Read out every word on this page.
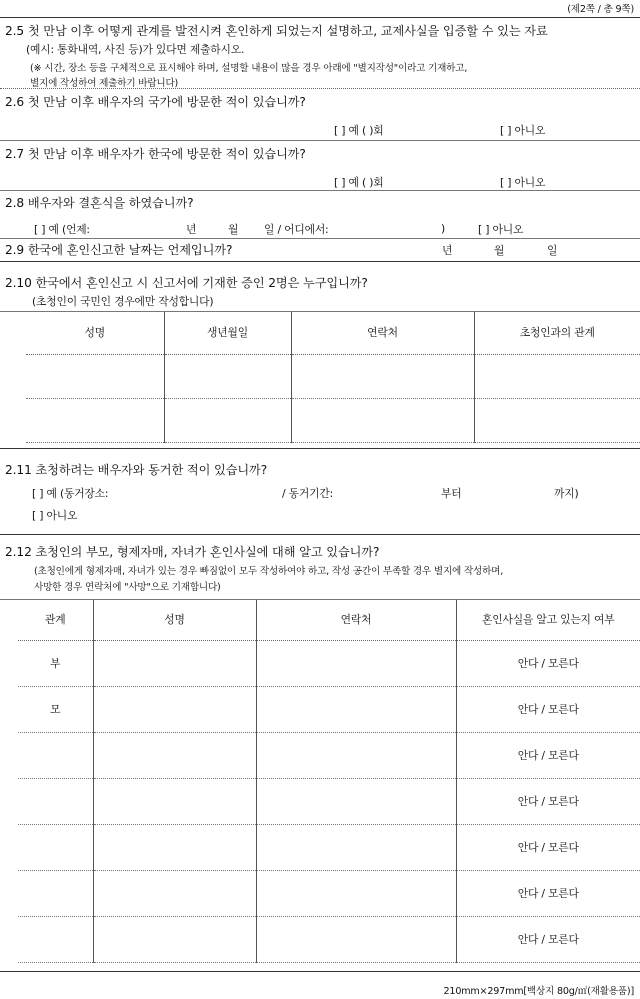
(제2쪽 / 총 9쪽)
2.5 첫 만남 이후 어떻게 관계를 발전시켜 혼인하게 되었는지 설명하고, 교제사실을 입증할 수 있는 자료
(예시: 통화내역, 사진 등)가 있다면 제출하시오.
(※ 시간, 장소 등을 구체적으로 표시해야 하며, 설명할 내용이 많을 경우 아래에 "별지작성"이라고 기재하고,
별지에 작성하여 제출하기 바랍니다)
2.6 첫 만남 이후 배우자의 국가에 방문한 적이 있습니까?
[ ] 예 ( )회	[ ] 아니오
2.7 첫 만남 이후 배우자가 한국에 방문한 적이 있습니까?
[ ] 예 ( )회	[ ] 아니오
2.8 배우자와 결혼식을 하였습니까?
[ ] 예 (언제:	년	월 일 / 어디에서:	)	[ ] 아니오
2.9 한국에 혼인신고한 날짜는 언제입니까?	년	월	일
2.10 한국에서 혼인신고 시 신고서에 기재한 증인 2명은 누구입니까?
(초청인이 국민인 경우에만 작성합니다)
성명	생년월일	연락처	초청인과의 관계

2.11 초청하려는 배우자와 동거한 적이 있습니까?
[ ] 예 (동거장소:	/ 동거기간:	부터	까지)
[ ] 아니오
2.12 초청인의 부모, 형제자매, 자녀가 혼인사실에 대해 알고 있습니까?
(초청인에게 형제자매, 자녀가 있는 경우 빠짐없이 모두 작성하여야 하고, 작성 공간이 부족할 경우 별지에 작성하며,
사망한 경우 연락처에 "사망"으로 기재합니다)
관계	성명	연락처	혼인사실을 알고 있는지 여부
부			안다 / 모른다
모			안다 / 모른다
			안다 / 모른다
			안다 / 모른다
			안다 / 모른다
			안다 / 모른다
			안다 / 모른다
210mm×297mm[백상지 80g/㎡(재활용품)]
